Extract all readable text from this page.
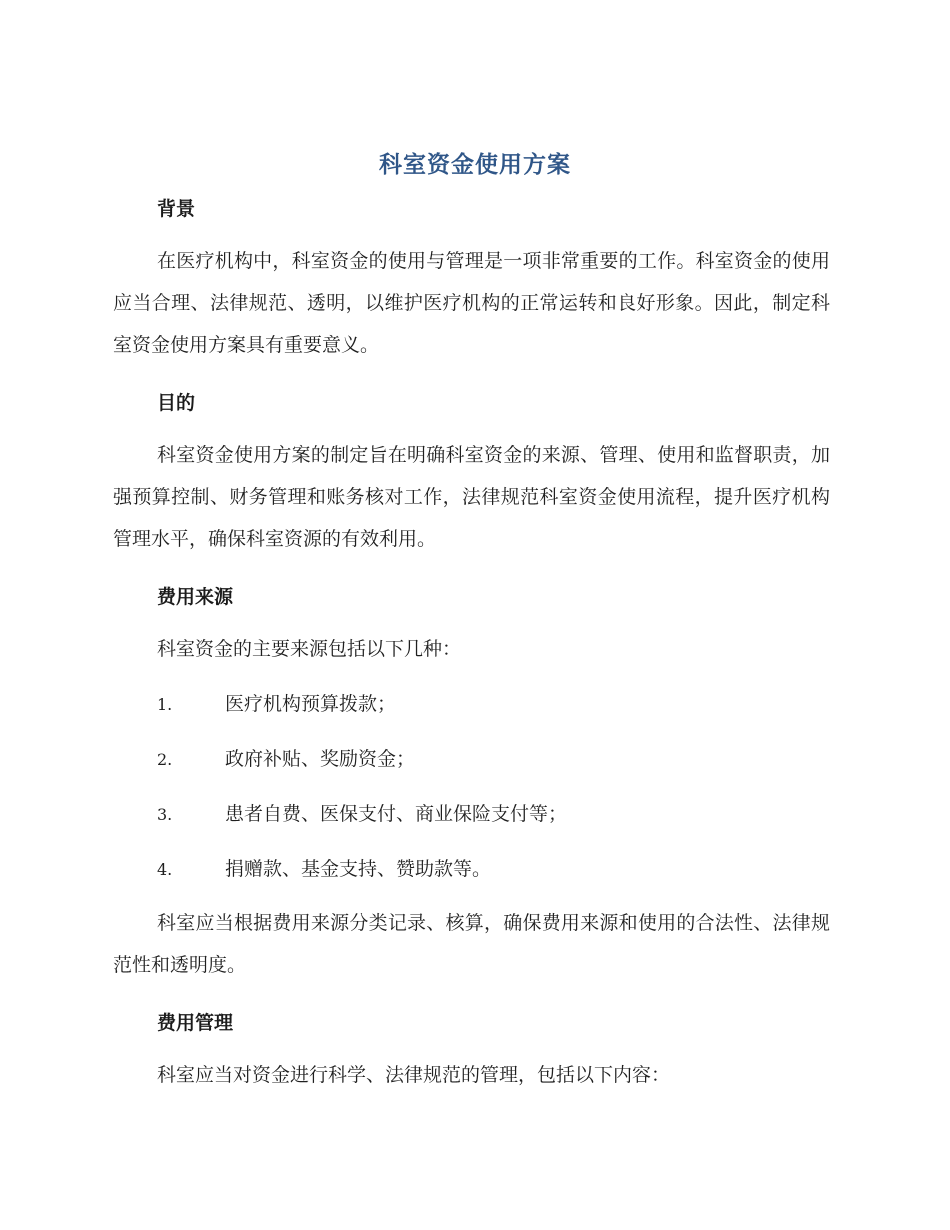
科室资金使用方案
背景

在医疗机构中，科室资金的使用与管理是一项非常重要的工作。科室资金的使用应当合理、法律规范、透明，以维护医疗机构的正常运转和良好形象。因此，制定科室资金使用方案具有重要意义。

目的

科室资金使用方案的制定旨在明确科室资金的来源、管理、使用和监督职责，加强预算控制、财务管理和账务核对工作，法律规范科室资金使用流程，提升医疗机构管理水平，确保科室资源的有效利用。

费用来源

科室资金的主要来源包括以下几种：

1.	医疗机构预算拨款；
2.	政府补贴、奖励资金；
3.	患者自费、医保支付、商业保险支付等；
4.	捐赠款、基金支持、赞助款等。

科室应当根据费用来源分类记录、核算，确保费用来源和使用的合法性、法律规范性和透明度。

费用管理

科室应当对资金进行科学、法律规范的管理，包括以下内容：
